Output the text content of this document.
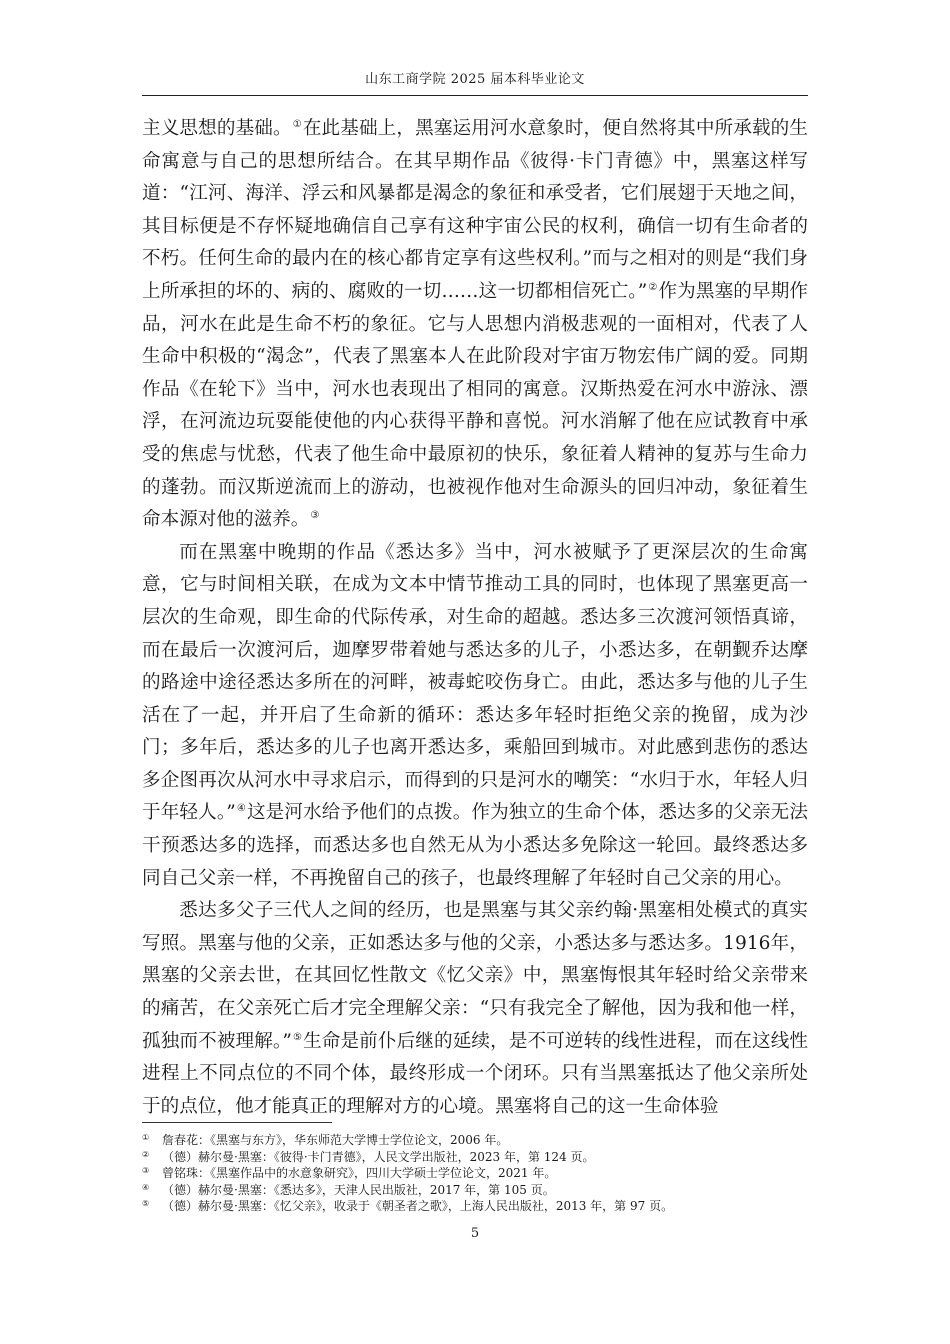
山东工商学院 2025 届本科毕业论文

主义思想的基础。①在此基础上，黑塞运用河水意象时，便自然将其中所承载的生命寓意与自己的思想所结合。在其早期作品《彼得·卡门青德》中，黑塞这样写道：“江河、海洋、浮云和风暴都是渴念的象征和承受者，它们展翅于天地之间，其目标便是不存怀疑地确信自己享有这种宇宙公民的权利，确信一切有生命者的不朽。任何生命的最内在的核心都肯定享有这些权利。”而与之相对的则是“我们身上所承担的坏的、病的、腐败的一切……这一切都相信死亡。”②作为黑塞的早期作品，河水在此是生命不朽的象征。它与人思想内消极悲观的一面相对，代表了人生命中积极的“渴念”，代表了黑塞本人在此阶段对宇宙万物宏伟广阔的爱。同期作品《在轮下》当中，河水也表现出了相同的寓意。汉斯热爱在河水中游泳、漂浮，在河流边玩耍能使他的内心获得平静和喜悦。河水消解了他在应试教育中承受的焦虑与忧愁，代表了他生命中最原初的快乐，象征着人精神的复苏与生命力的蓬勃。而汉斯逆流而上的游动，也被视作他对生命源头的回归冲动，象征着生命本源对他的滋养。③

而在黑塞中晚期的作品《悉达多》当中，河水被赋予了更深层次的生命寓意，它与时间相关联，在成为文本中情节推动工具的同时，也体现了黑塞更高一层次的生命观，即生命的代际传承，对生命的超越。悉达多三次渡河领悟真谛，而在最后一次渡河后，迦摩罗带着她与悉达多的儿子，小悉达多，在朝觐乔达摩的路途中途径悉达多所在的河畔，被毒蛇咬伤身亡。由此，悉达多与他的儿子生活在了一起，并开启了生命新的循环：悉达多年轻时拒绝父亲的挽留，成为沙门；多年后，悉达多的儿子也离开悉达多，乘船回到城市。对此感到悲伤的悉达多企图再次从河水中寻求启示，而得到的只是河水的嘲笑：“水归于水，年轻人归于年轻人。”④这是河水给予他们的点拨。作为独立的生命个体，悉达多的父亲无法干预悉达多的选择，而悉达多也自然无从为小悉达多免除这一轮回。最终悉达多同自己父亲一样，不再挽留自己的孩子，也最终理解了年轻时自己父亲的用心。

悉达多父子三代人之间的经历，也是黑塞与其父亲约翰·黑塞相处模式的真实写照。黑塞与他的父亲，正如悉达多与他的父亲，小悉达多与悉达多。1916年，黑塞的父亲去世，在其回忆性散文《忆父亲》中，黑塞悔恨其年轻时给父亲带来的痛苦，在父亲死亡后才完全理解父亲：“只有我完全了解他，因为我和他一样，孤独而不被理解。”⑤生命是前仆后继的延续，是不可逆转的线性进程，而在这线性进程上不同点位的不同个体，最终形成一个闭环。只有当黑塞抵达了他父亲所处于的点位，他才能真正的理解对方的心境。黑塞将自己的这一生命体验

①	詹春花：《黑塞与东方》，华东师范大学博士学位论文，2006 年。
②	（德）赫尔曼·黑塞：《彼得·卡门青德》，人民文学出版社，2023 年，第 124 页。
③	曾铭珠：《黑塞作品中的水意象研究》，四川大学硕士学位论文，2021 年。
④	（德）赫尔曼·黑塞：《悉达多》，天津人民出版社，2017 年，第 105 页。
⑤	（德）赫尔曼·黑塞：《忆父亲》，收录于《朝圣者之歌》，上海人民出版社，2013 年，第 97 页。
5
